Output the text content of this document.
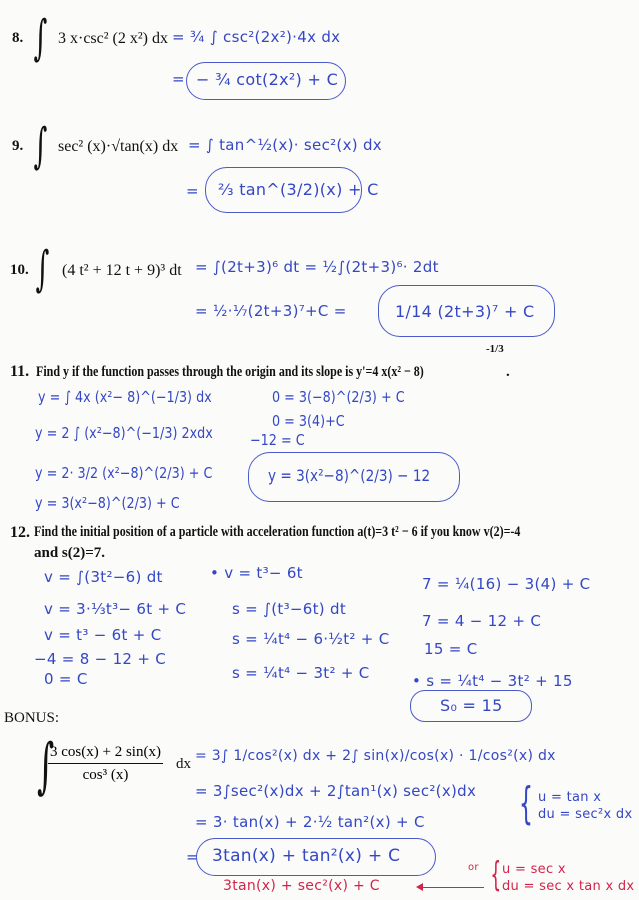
8. ∫ 3 x·csc² (2 x²) dx = ¾ ∫ csc²(2x²)·4x dx
= − ¾ cot(2x²) + C
9. ∫ sec² (x)·√tan(x) dx = ∫ tan^½(x)· sec²(x) dx
= ⅔ tan^(3/2)(x) + C
10. ∫ (4 t² + 12 t + 9)³ dt = ∫(2t+3)⁶ dt = ½∫(2t+3)⁶· 2dt
= ½·⅐(2t+3)⁷+C =	1/14 (2t+3)⁷ + C
11. Find y if the function passes through the origin and its slope is y'=4 x(x² − 8)
-1/3
.
y = ∫ 4x (x²− 8)^(−1/3) dx
y = 2 ∫ (x²−8)^(−1/3) 2xdx
y = 2· 3/2 (x²−8)^(2/3) + C
y = 3(x²−8)^(2/3) + C
0 = 3(−8)^(2/3) + C
0 = 3(4)+C
−12 = C
y = 3(x²−8)^(2/3) − 12
12. Find the initial position of a particle with acceleration function a(t)=3 t² − 6 if you know v(2)=-4
and s(2)=7.
v = ∫(3t²−6) dt
v = 3·⅓t³− 6t + C
v = t³ − 6t + C
−4 = 8 − 12 + C
0 = C
• v = t³− 6t
s = ∫(t³−6t) dt
s = ¼t⁴ − 6·½t² + C
s = ¼t⁴ − 3t² + C
7 = ¼(16) − 3(4) + C
7 = 4 − 12 + C
15 = C
• s = ¼t⁴ − 3t² + 15
S₀ = 15
BONUS:
∫
$\frac{3 \cos(x) + 2 \sin(x)}{\text{cos³ (x)}}$ dx = 3∫ 1/cos²(x) dx + 2∫ sin(x)/cos(x) · 1/cos²(x) dx
= 3∫sec²(x)dx + 2∫tan¹(x) sec²(x)dx
= 3· tan(x) + 2·½ tan²(x) + C { u = tan x
du = sec²x dx
= 3tan(x) + tan²(x) + C
3tan(x) + sec²(x) + C
or { u = sec x
du = sec x tan x dx
